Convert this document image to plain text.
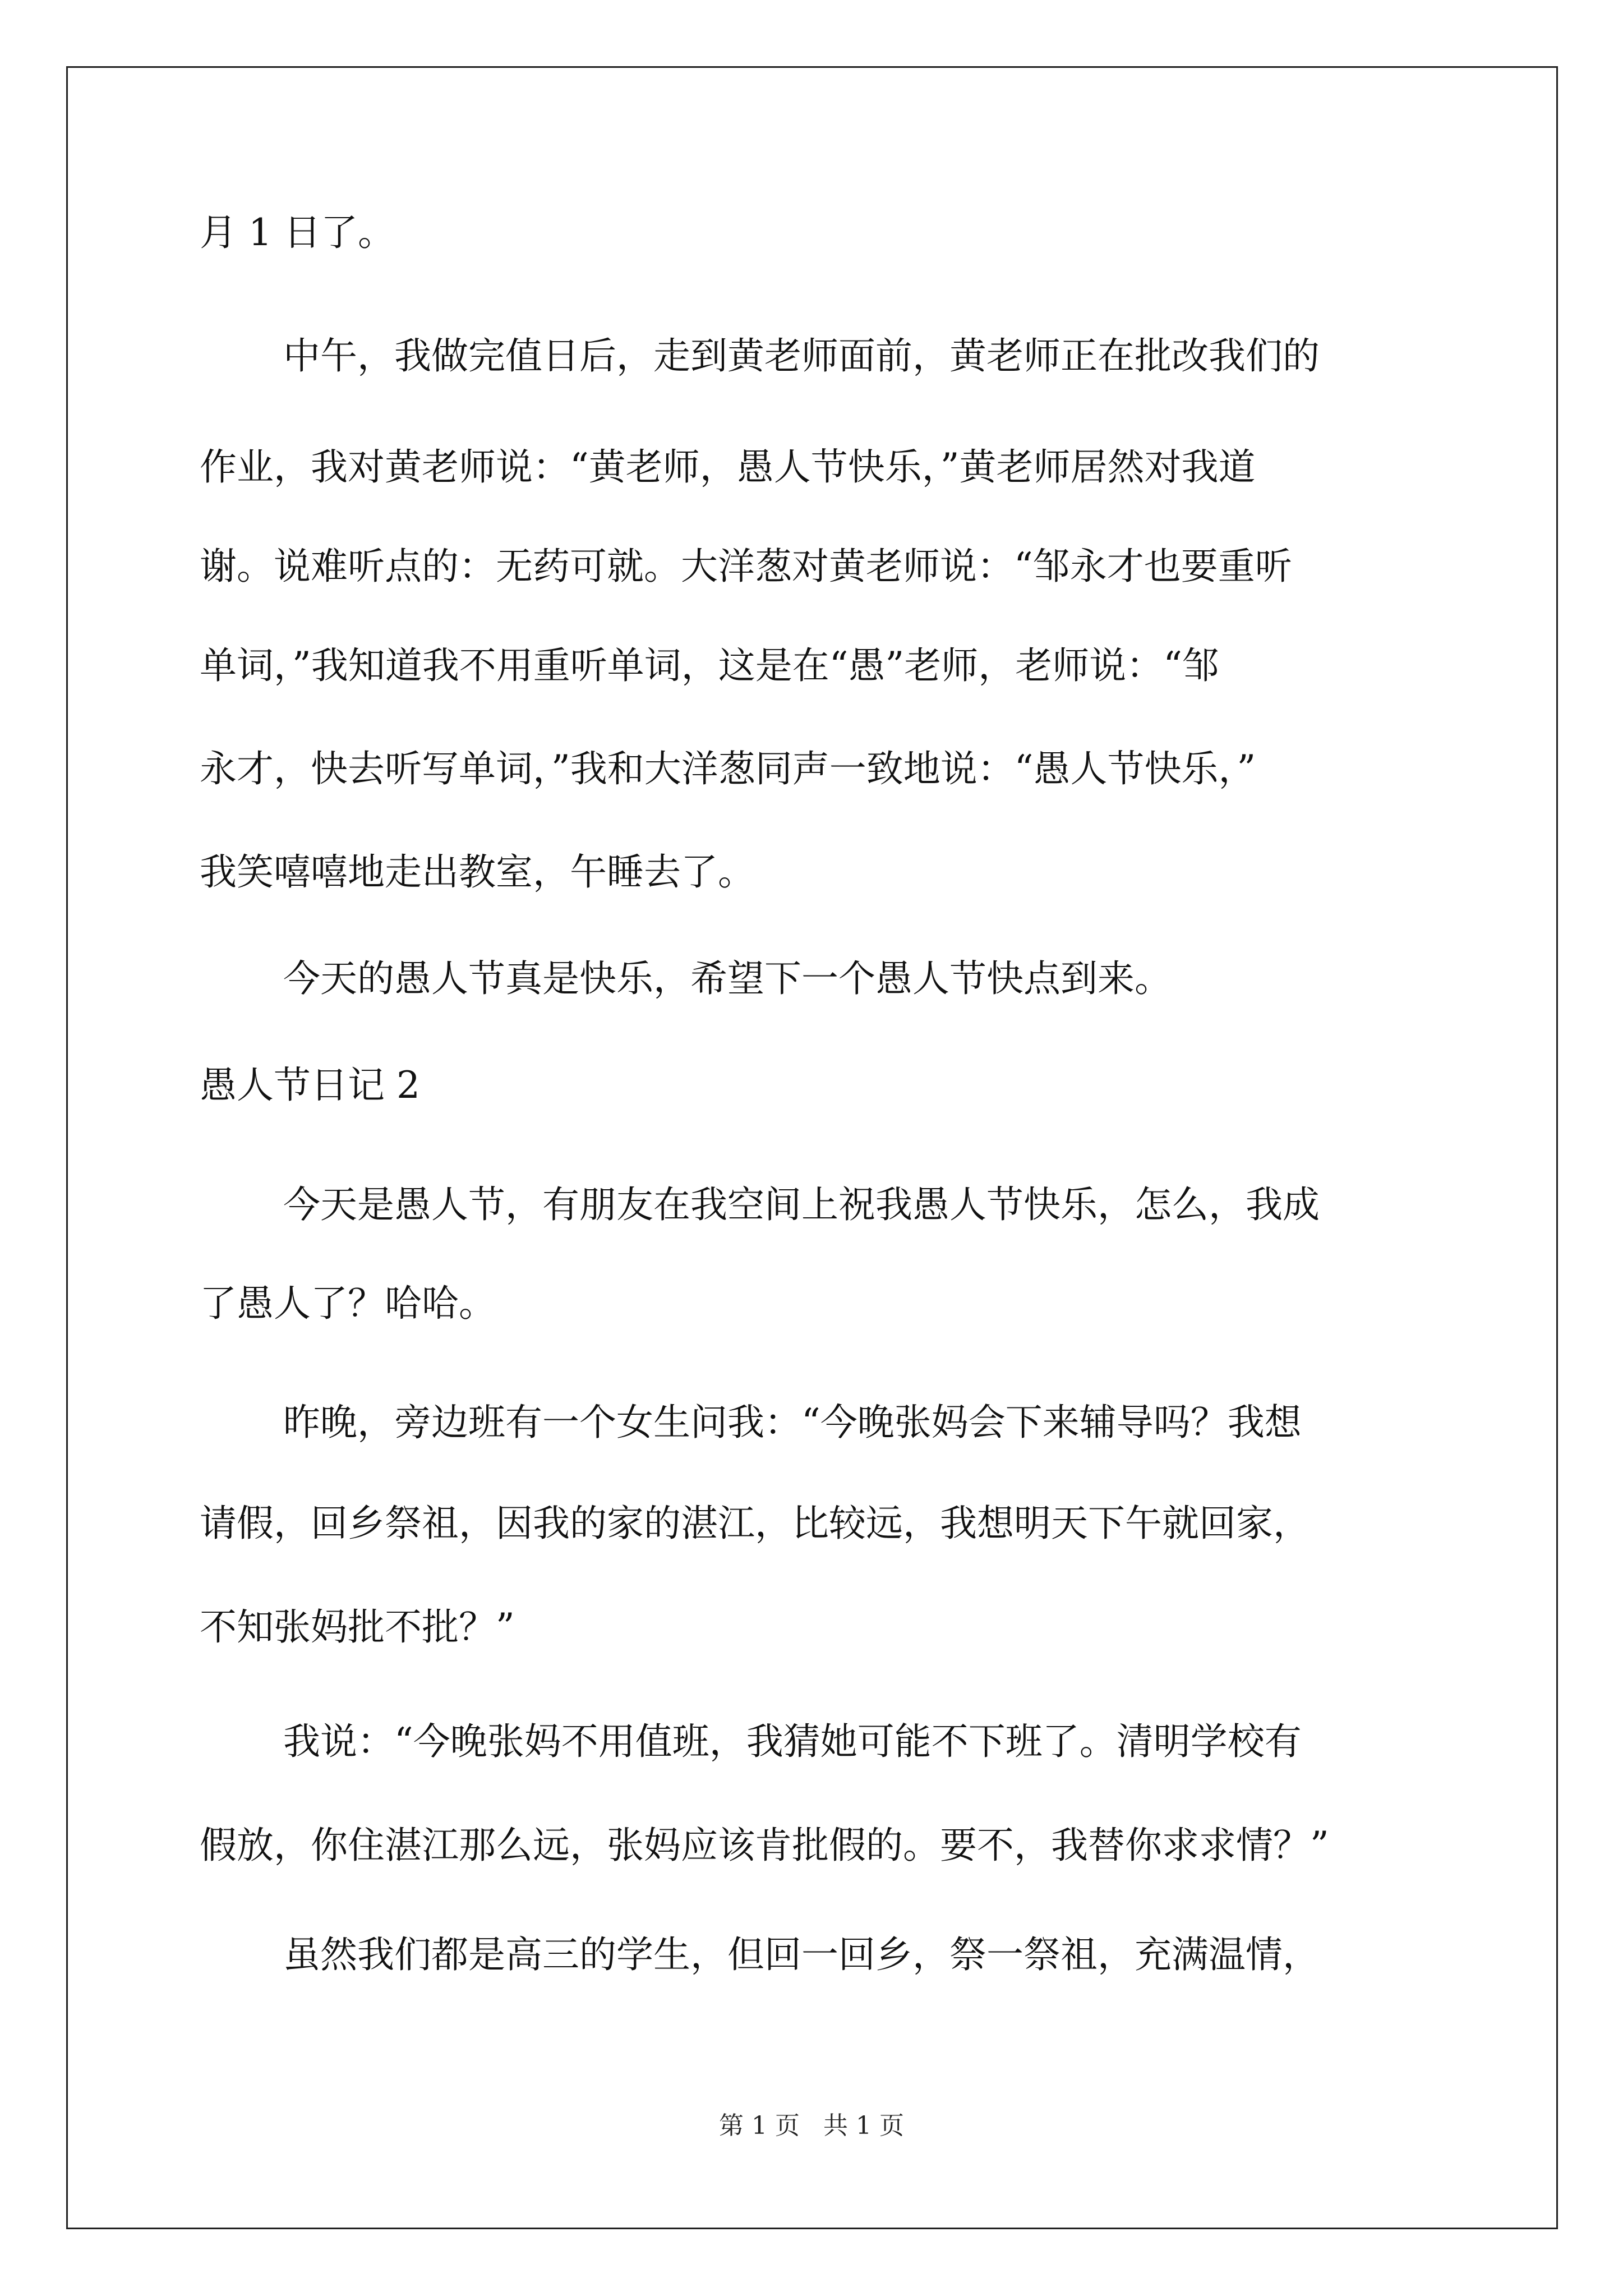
月 1 日了。
中午，我做完值日后，走到黄老师面前，黄老师正在批改我们的
作业，我对黄老师说：“黄老师，愚人节快乐，”黄老师居然对我道
谢。说难听点的：无药可就。大洋葱对黄老师说：“邹永才也要重听
单词，”我知道我不用重听单词，这是在“愚”老师，老师说：“邹
永才，快去听写单词，”我和大洋葱同声一致地说：“愚人节快乐，”
我笑嘻嘻地走出教室，午睡去了。
今天的愚人节真是快乐，希望下一个愚人节快点到来。
愚人节日记 2
今天是愚人节，有朋友在我空间上祝我愚人节快乐，怎么，我成
了愚人了？哈哈。
昨晚，旁边班有一个女生问我：“今晚张妈会下来辅导吗？我想
请假，回乡祭祖，因我的家的湛江，比较远，我想明天下午就回家，
不知张妈批不批？”
我说：“今晚张妈不用值班，我猜她可能不下班了。清明学校有
假放，你住湛江那么远，张妈应该肯批假的。要不，我替你求求情？”
虽然我们都是高三的学生，但回一回乡，祭一祭祖，充满温情，
第 1 页 共 1 页
